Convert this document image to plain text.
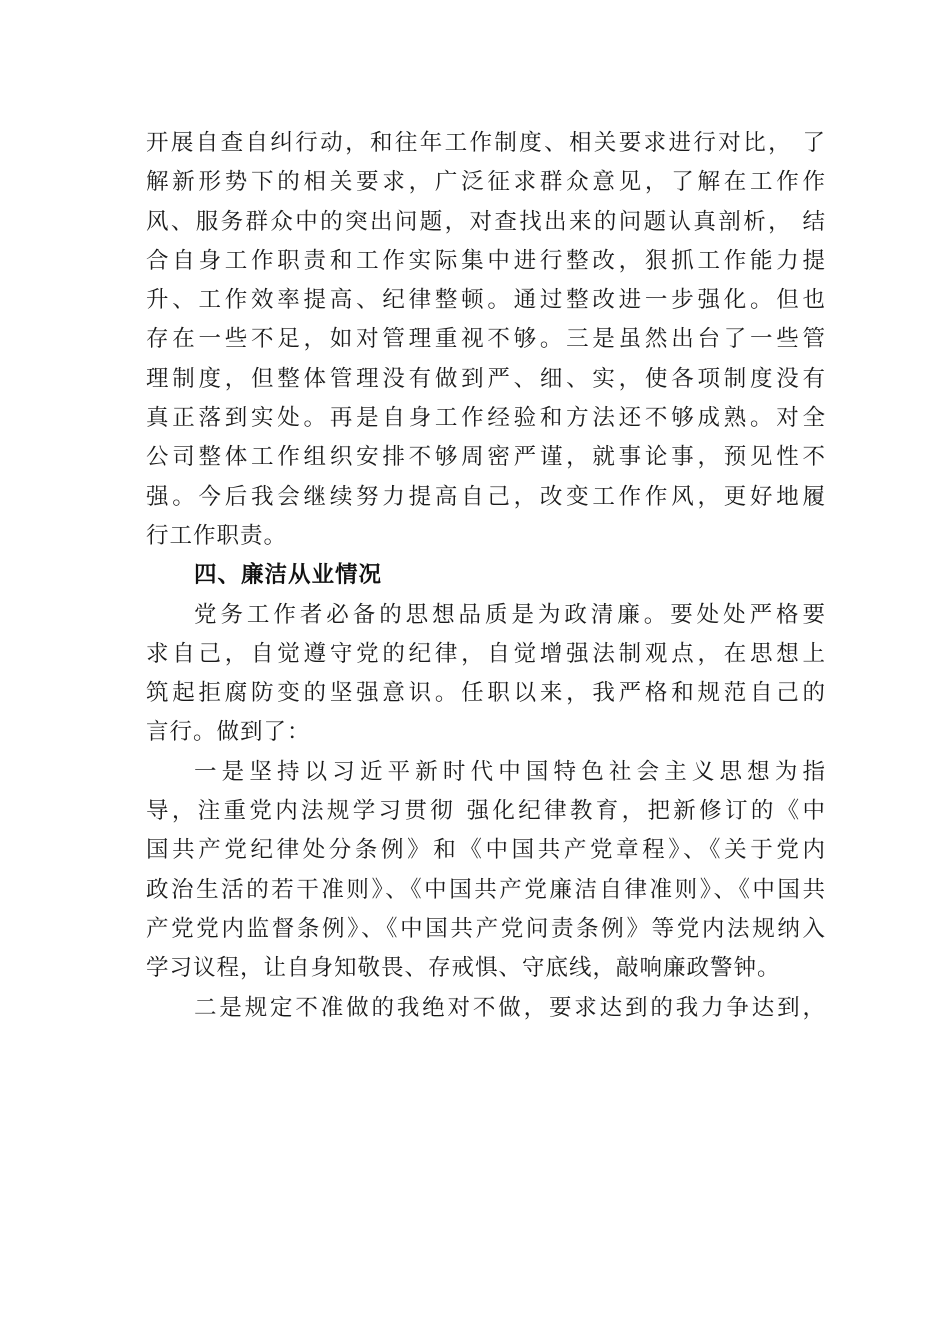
开展自查自纠行动，和往年工作制度、相关要求进行对比， 了
解新形势下的相关要求，广泛征求群众意见，了解在工作作
风、服务群众中的突出问题，对查找出来的问题认真剖析， 结
合自身工作职责和工作实际集中进行整改，狠抓工作能力提
升、工作效率提高、纪律整顿。通过整改进一步强化。但也
存在一些不足，如对管理重视不够。三是虽然出台了一些管
理制度，但整体管理没有做到严、细、实，使各项制度没有
真正落到实处。再是自身工作经验和方法还不够成熟。对全
公司整体工作组织安排不够周密严谨，就事论事，预见性不
强。今后我会继续努力提高自己，改变工作作风，更好地履
行工作职责。
四、廉洁从业情况
党务工作者必备的思想品质是为政清廉。要处处严格要
求自己，自觉遵守党的纪律，自觉增强法制观点，在思想上
筑起拒腐防变的坚强意识。任职以来，我严格和规范自己的
言行。做到了：
一是坚持以习近平新时代中国特色社会主义思想为指
导，注重党内法规学习贯彻 强化纪律教育，把新修订的《中
国共产党纪律处分条例》和《中国共产党章程》、《关于党内
政治生活的若干准则》、《中国共产党廉洁自律准则》、《中国共
产党党内监督条例》、《中国共产党问责条例》等党内法规纳入
学习议程，让自身知敬畏、存戒惧、守底线，敲响廉政警钟。
二是规定不准做的我绝对不做，要求达到的我力争达到，
